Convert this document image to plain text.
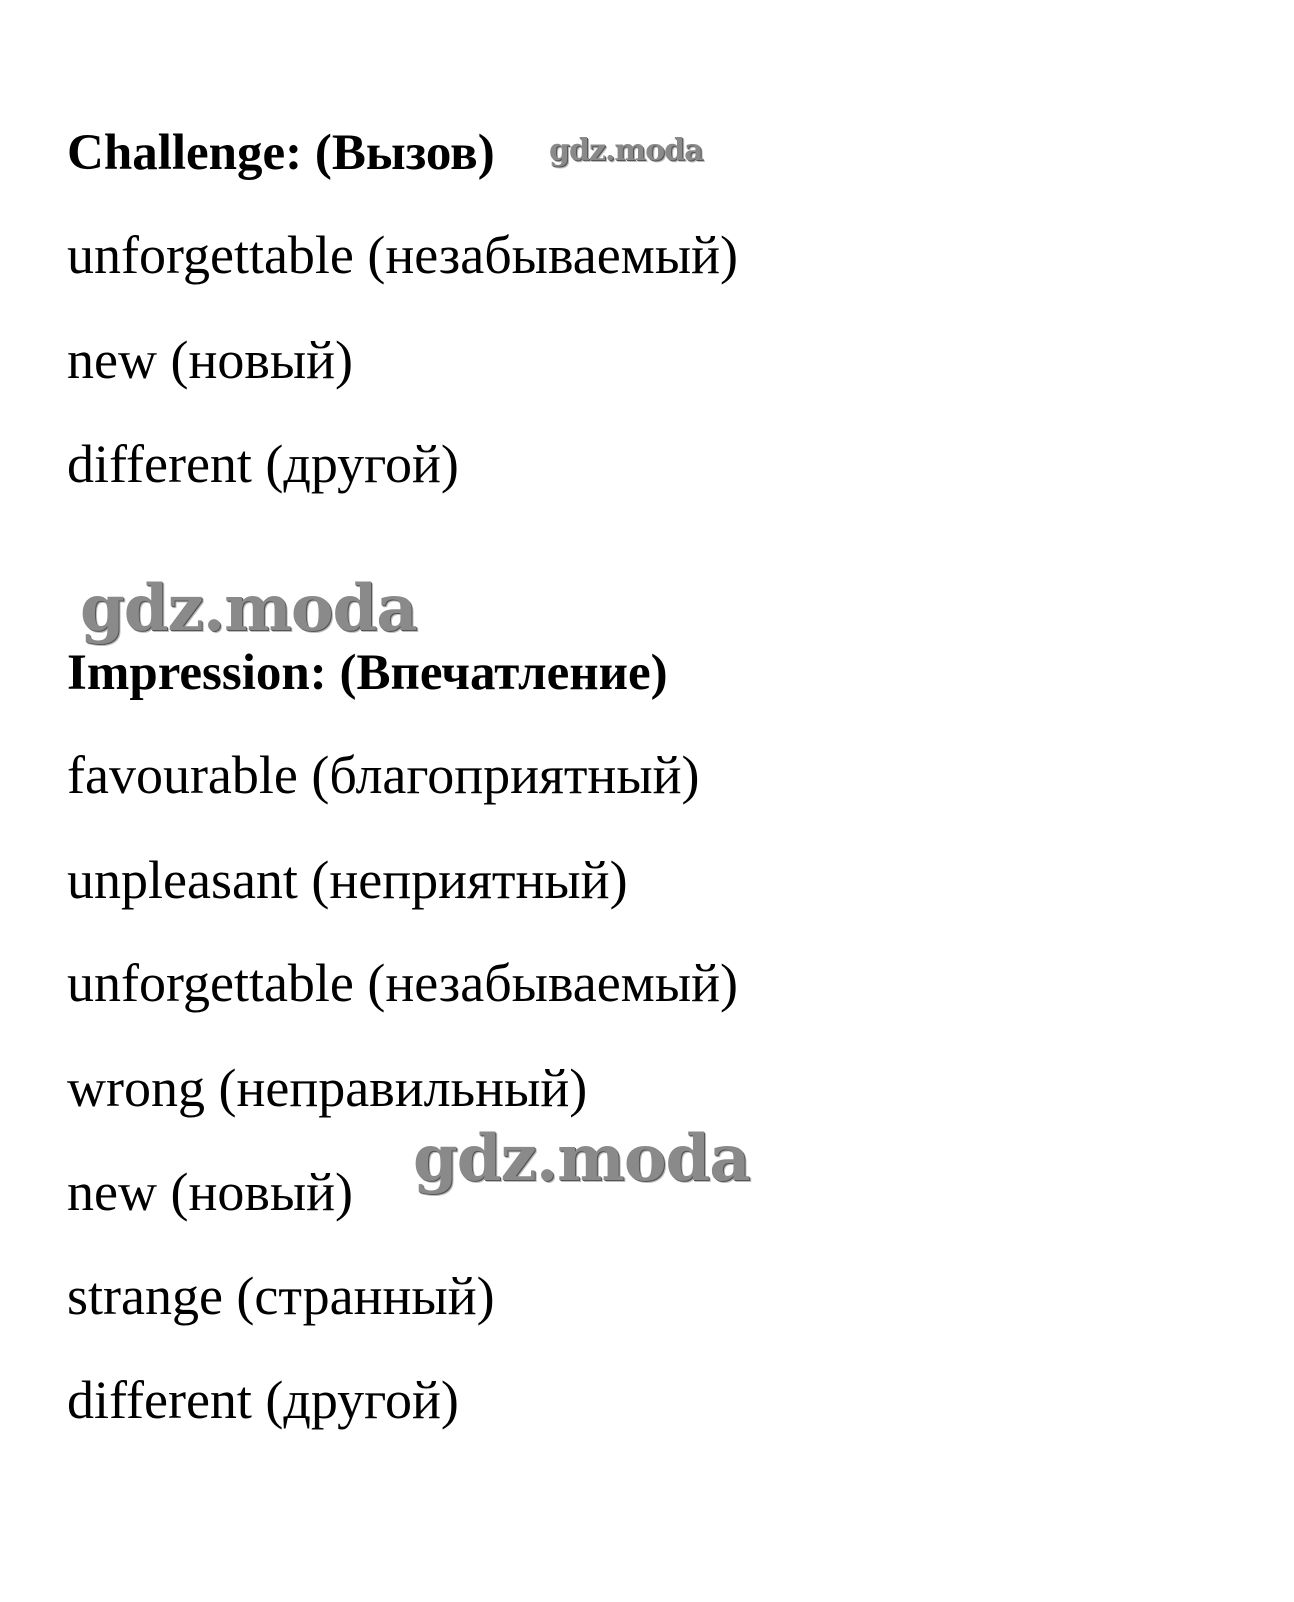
Challenge: (Вызов)
unforgettable (незабываемый)
new (новый)
different (другой)
Impression: (Впечатление)
favourable (благоприятный)
unpleasant (неприятный)
unforgettable (незабываемый)
wrong (неправильный)
new (новый)
strange (странный)
different (другой)
gdz.moda
gdz.moda
gdz.moda
